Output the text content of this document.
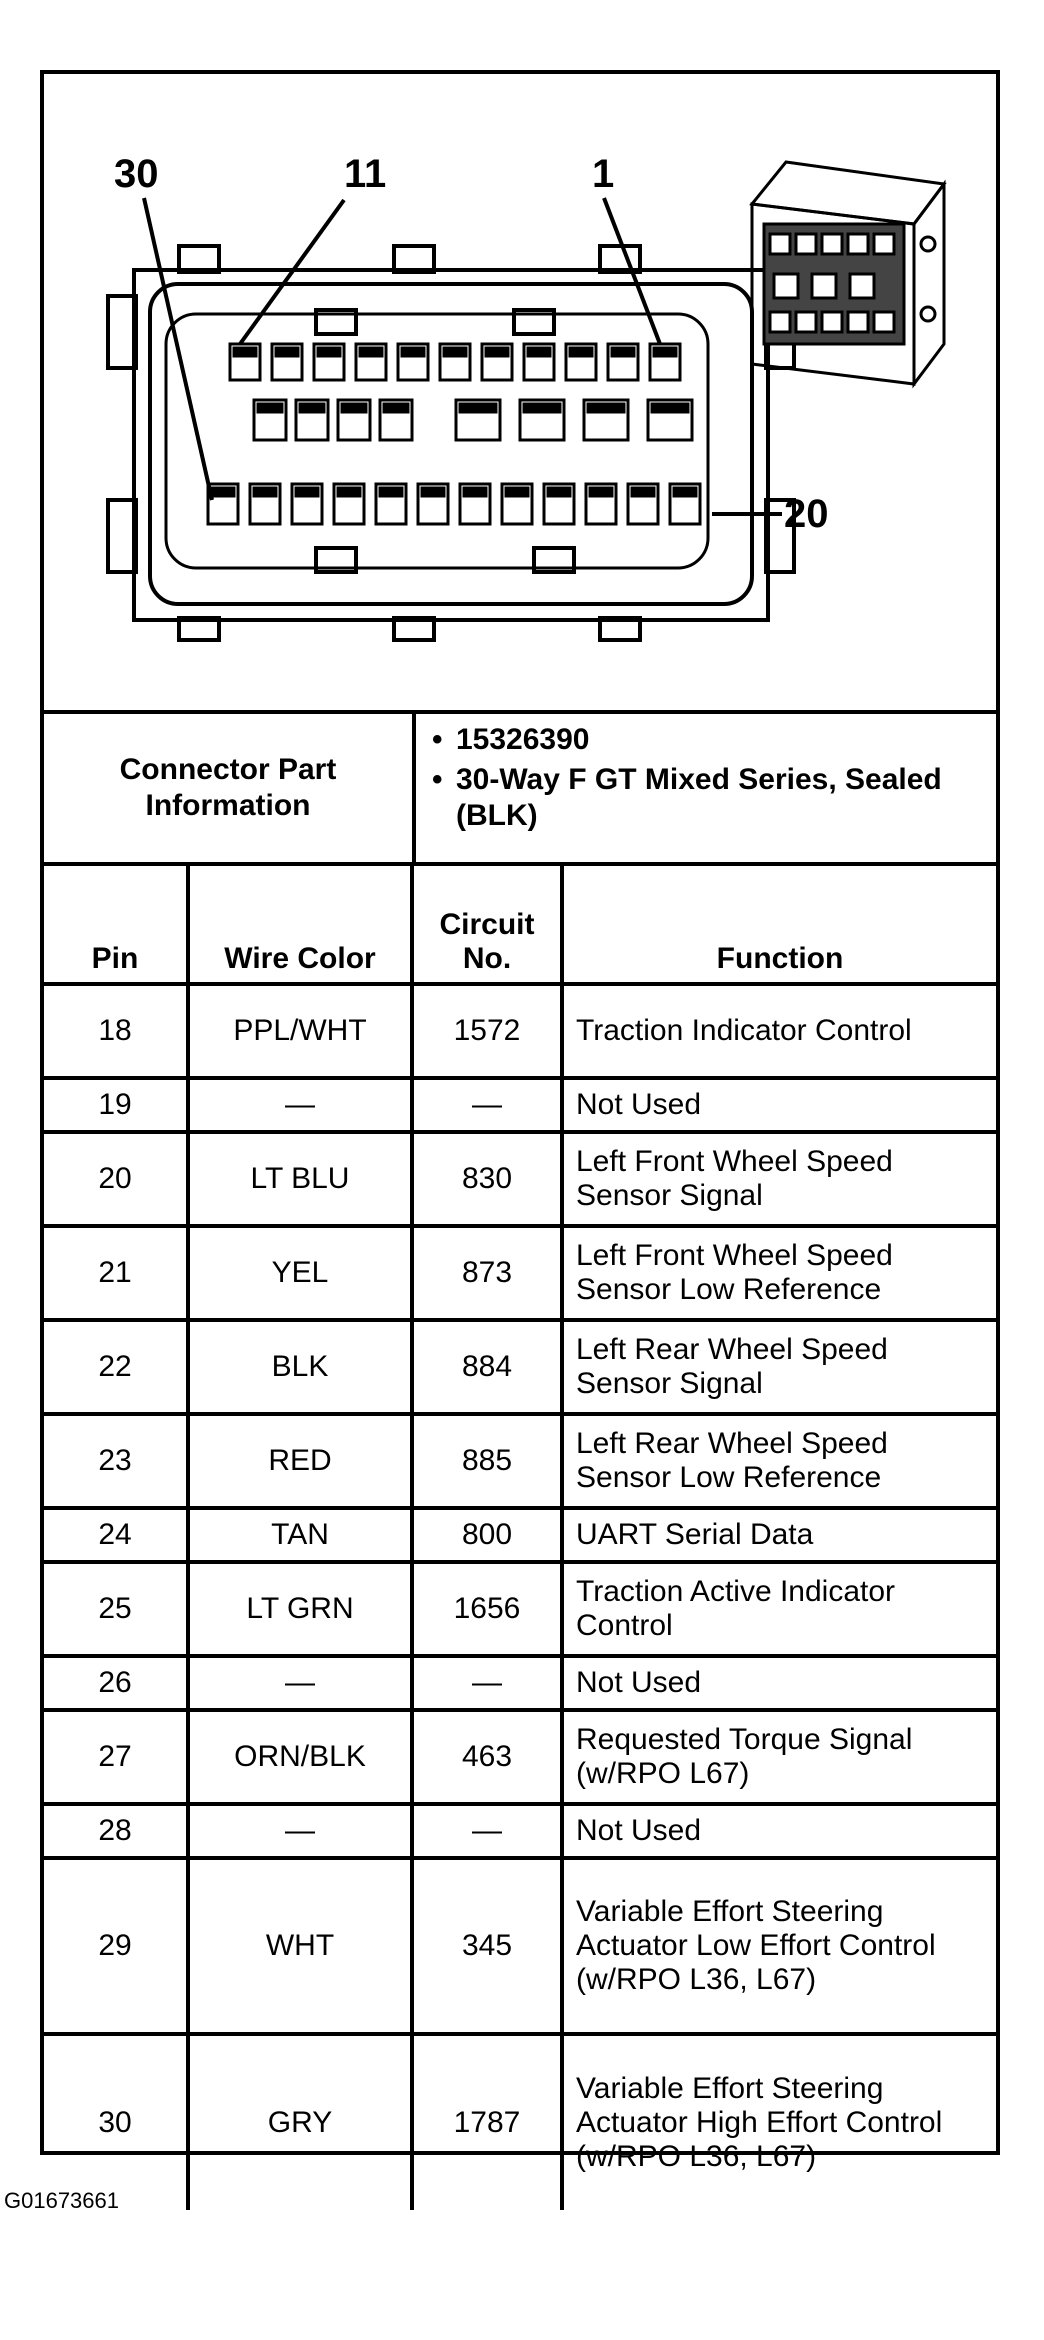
30	11	1
20
Connector Part Information
• 15326390
• 30-Way F GT Mixed Series, Sealed (BLK)
Pin	Wire Color	Circuit No.	Function
18	PPL/WHT	1572	Traction Indicator Control
19	—	—	Not Used
20	LT BLU	830	Left Front Wheel Speed Sensor Signal
21	YEL	873	Left Front Wheel Speed Sensor Low Reference
22	BLK	884	Left Rear Wheel Speed Sensor Signal
23	RED	885	Left Rear Wheel Speed Sensor Low Reference
24	TAN	800	UART Serial Data
25	LT GRN	1656	Traction Active Indicator Control
26	—	—	Not Used
27	ORN/BLK	463	Requested Torque Signal (w/RPO L67)
28	—	—	Not Used
29	WHT	345	Variable Effort Steering Actuator Low Effort Control (w/RPO L36, L67)
30	GRY	1787	Variable Effort Steering Actuator High Effort Control (w/RPO L36, L67)
G01673661
